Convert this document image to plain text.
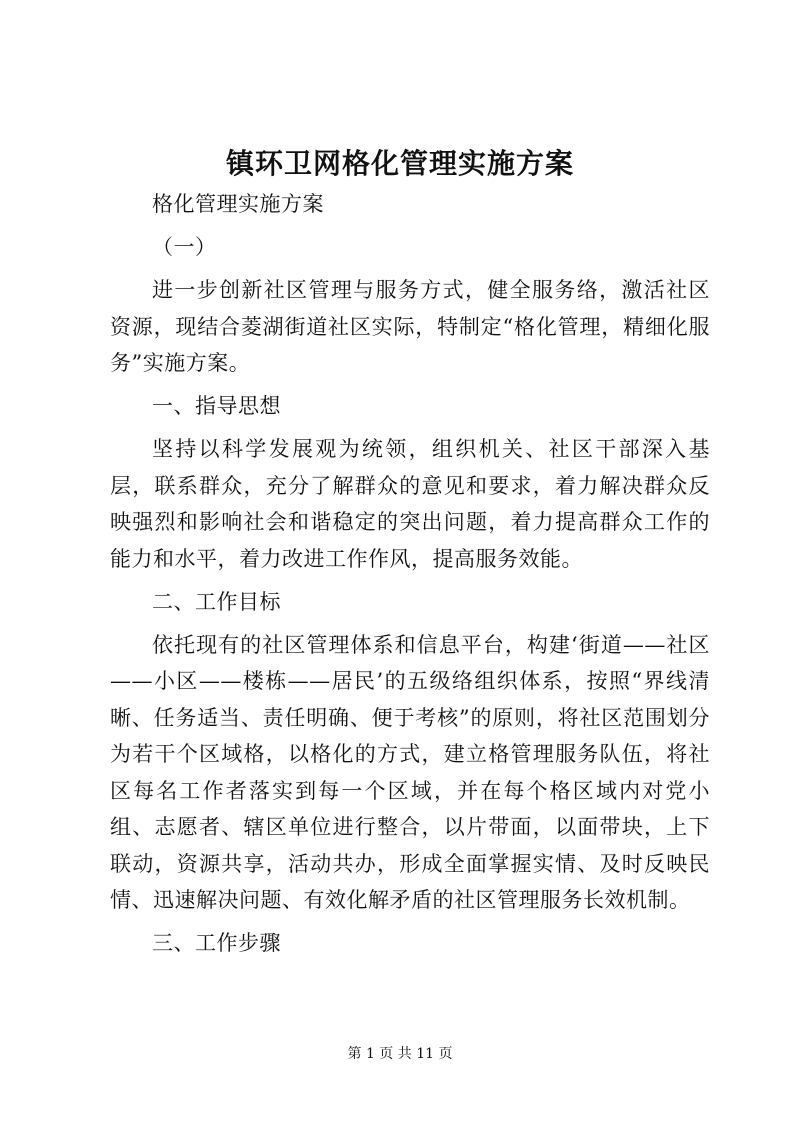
镇环卫网格化管理实施方案

格化管理实施方案

（一）

进一步创新社区管理与服务方式，健全服务络，激活社区资源，现结合菱湖街道社区实际，特制定“格化管理，精细化服务”实施方案。

一、指导思想

坚持以科学发展观为统领，组织机关、社区干部深入基层，联系群众，充分了解群众的意见和要求，着力解决群众反映强烈和影响社会和谐稳定的突出问题，着力提高群众工作的能力和水平，着力改进工作作风，提高服务效能。

二、工作目标

依托现有的社区管理体系和信息平台，构建‘街道——社区——小区——楼栋——居民’的五级络组织体系，按照“界线清晰、任务适当、责任明确、便于考核”的原则，将社区范围划分为若干个区域格，以格化的方式，建立格管理服务队伍，将社区每名工作者落实到每一个区域，并在每个格区域内对党小组、志愿者、辖区单位进行整合，以片带面，以面带块，上下联动，资源共享，活动共办，形成全面掌握实情、及时反映民情、迅速解决问题、有效化解矛盾的社区管理服务长效机制。

三、工作步骤

第 1 页 共 11 页
